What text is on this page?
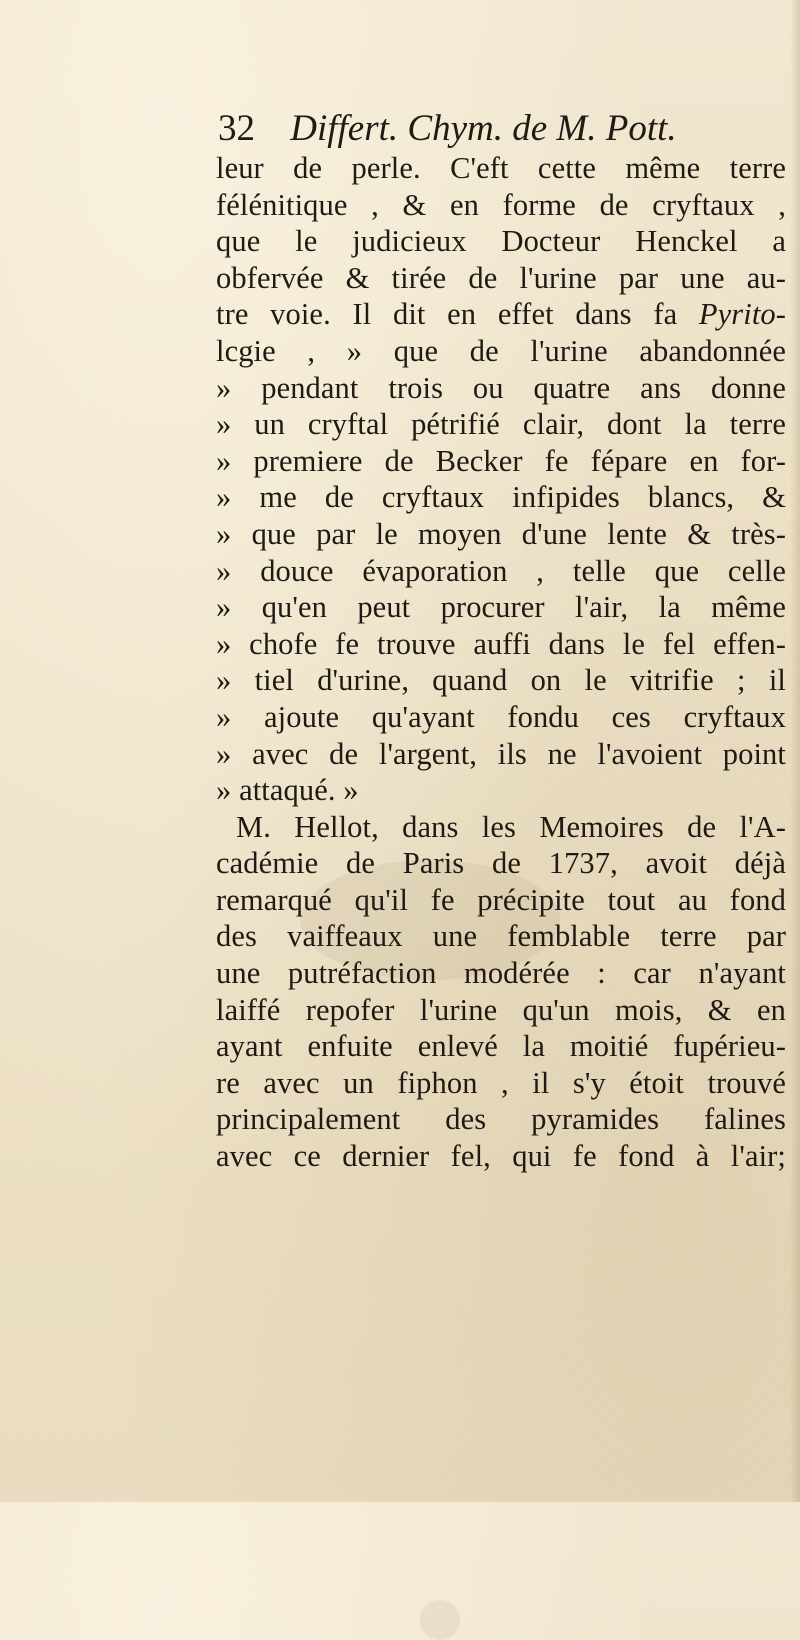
32 Differt. Chym. de M. Pott.
leur de perle. C'eft cette même terre
félénitique , & en forme de cryftaux ,
que le judicieux Docteur Henckel a
obfervée & tirée de l'urine par une au-
tre voie. Il dit en effet dans fa Pyrito-
lcgie , » que de l'urine abandonnée
» pendant trois ou quatre ans donne
» un cryftal pétrifié clair, dont la terre
» premiere de Becker fe fépare en for-
» me de cryftaux infipides blancs, &
» que par le moyen d'une lente & très-
» douce évaporation , telle que celle
» qu'en peut procurer l'air, la même
» chofe fe trouve auffi dans le fel effen-
» tiel d'urine, quand on le vitrifie ; il
» ajoute qu'ayant fondu ces cryftaux
» avec de l'argent, ils ne l'avoient point
» attaqué. »
M. Hellot, dans les Memoires de l'A-
cadémie de Paris de 1737, avoit déjà
remarqué qu'il fe précipite tout au fond
des vaiffeaux une femblable terre par
une putréfaction modérée : car n'ayant
laiffé repofer l'urine qu'un mois, & en
ayant enfuite enlevé la moitié fupérieu-
re avec un fiphon , il s'y étoit trouvé
principalement des pyramides falines
avec ce dernier fel, qui fe fond à l'air;
